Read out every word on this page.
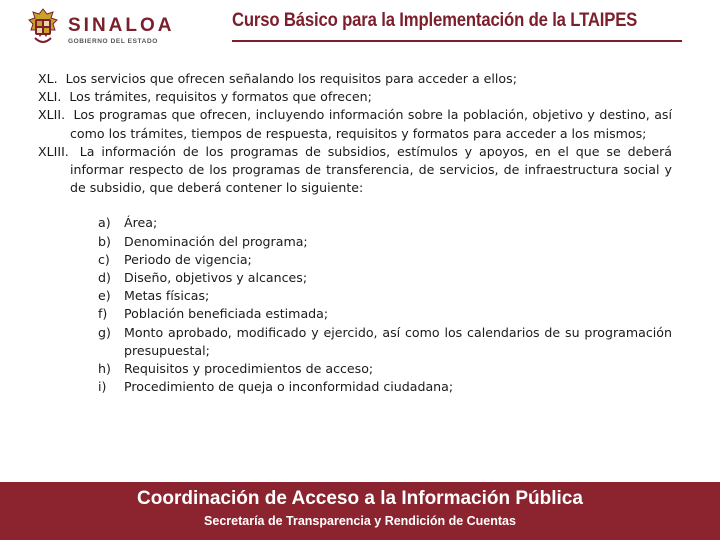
SINALOA
GOBIERNO DEL ESTADO
Curso Básico para la Implementación de la LTAIPES
XL. Los servicios que ofrecen señalando los requisitos para acceder a ellos;
XLI. Los trámites, requisitos y formatos que ofrecen;
XLII. Los programas que ofrecen, incluyendo información sobre la población, objetivo y destino, así como los trámites, tiempos de respuesta, requisitos y formatos para acceder a los mismos;
XLIII. La información de los programas de subsidios, estímulos y apoyos, en el que se deberá informar respecto de los programas de transferencia, de servicios, de infraestructura social y de subsidio, que deberá contener lo siguiente:
a)	Área;
b)	Denominación del programa;
c)	Periodo de vigencia;
d)	Diseño, objetivos y alcances;
e)	Metas físicas;
f)	Población beneficiada estimada;
g)	Monto aprobado, modificado y ejercido, así como los calendarios de su programación presupuestal;
h)	Requisitos y procedimientos de acceso;
i)	Procedimiento de queja o inconformidad ciudadana;
Coordinación de Acceso a la Información Pública
Secretaría de Transparencia y Rendición de Cuentas
